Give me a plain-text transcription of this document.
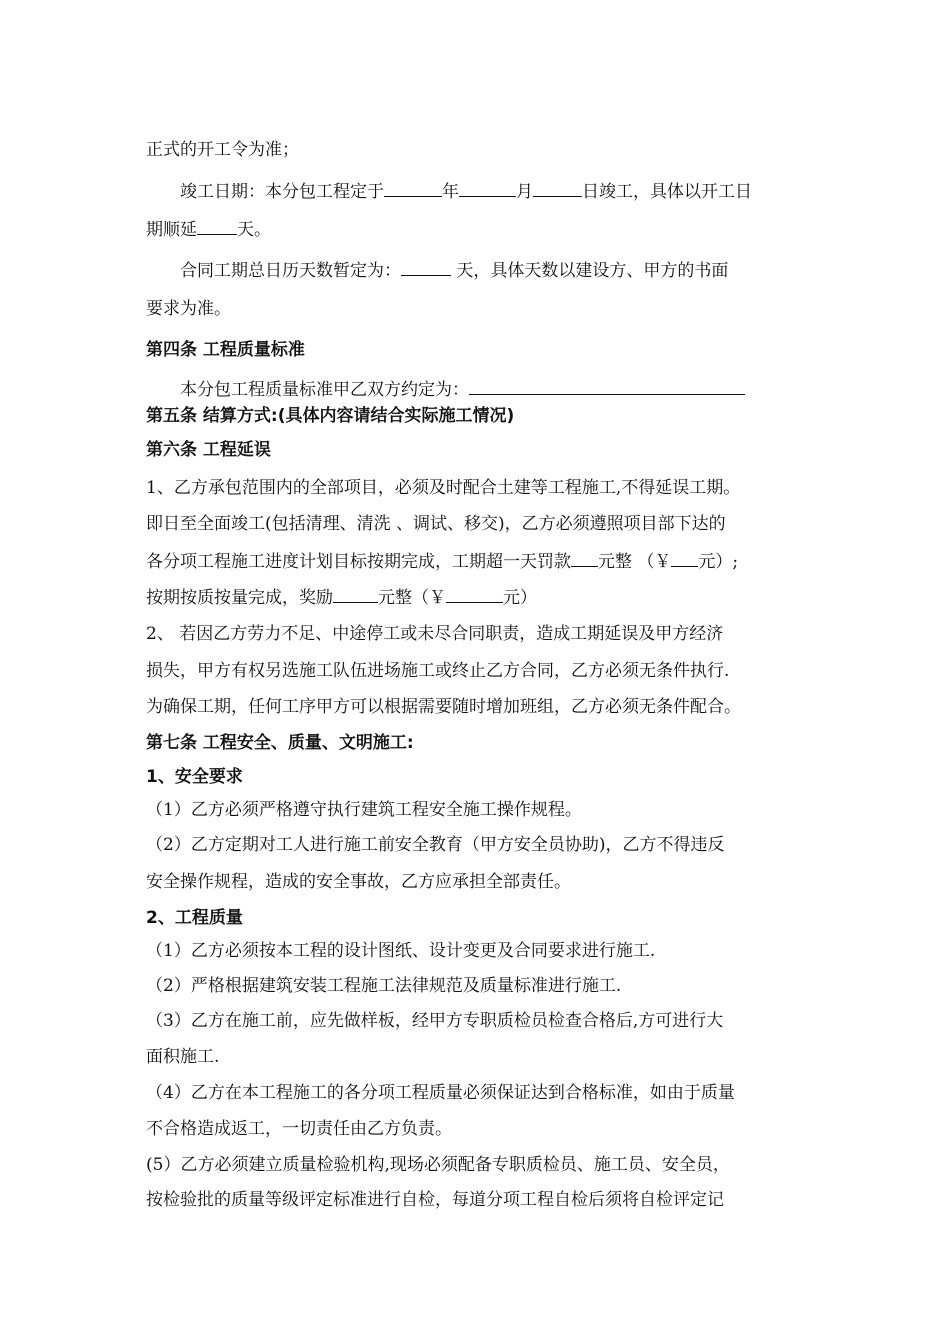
正式的开工令为准；
竣工日期：本分包工程定于	年	月	日竣工，具体以开工日
期顺延 天。
合同工期总日历天数暂定为：	天，具体天数以建设方、甲方的书面
要求为准。
第四条 工程质量标准
本分包工程质量标准甲乙双方约定为：
第五条 结算方式:(具体内容请结合实际施工情况)
第六条 工程延误
1、乙方承包范围内的全部项目，必须及时配合土建等工程施工,不得延误工期。
即日至全面竣工(包括清理、清洗 、调试、移交)，乙方必须遵照项目部下达的
各分项工程施工进度计划目标按期完成，工期超一天罚款 元整 （￥ 元）;
按期按质按量完成，奖励	元整（￥	元）
2、 若因乙方劳力不足、中途停工或未尽合同职责，造成工期延误及甲方经济
损失，甲方有权另选施工队伍进场施工或终止乙方合同，乙方必须无条件执行.
为确保工期，任何工序甲方可以根据需要随时增加班组，乙方必须无条件配合。
第七条 工程安全、质量、文明施工:
1、安全要求
（1）乙方必须严格遵守执行建筑工程安全施工操作规程。
（2）乙方定期对工人进行施工前安全教育（甲方安全员协助)，乙方不得违反
安全操作规程，造成的安全事故，乙方应承担全部责任。
2、工程质量
（1）乙方必须按本工程的设计图纸、设计变更及合同要求进行施工.
（2）严格根据建筑安装工程施工法律规范及质量标准进行施工.
（3）乙方在施工前，应先做样板，经甲方专职质检员检查合格后,方可进行大
面积施工.
（4）乙方在本工程施工的各分项工程质量必须保证达到合格标准，如由于质量
不合格造成返工，一切责任由乙方负责。
(5）乙方必须建立质量检验机构,现场必须配备专职质检员、施工员、安全员，
按检验批的质量等级评定标准进行自检，每道分项工程自检后须将自检评定记
